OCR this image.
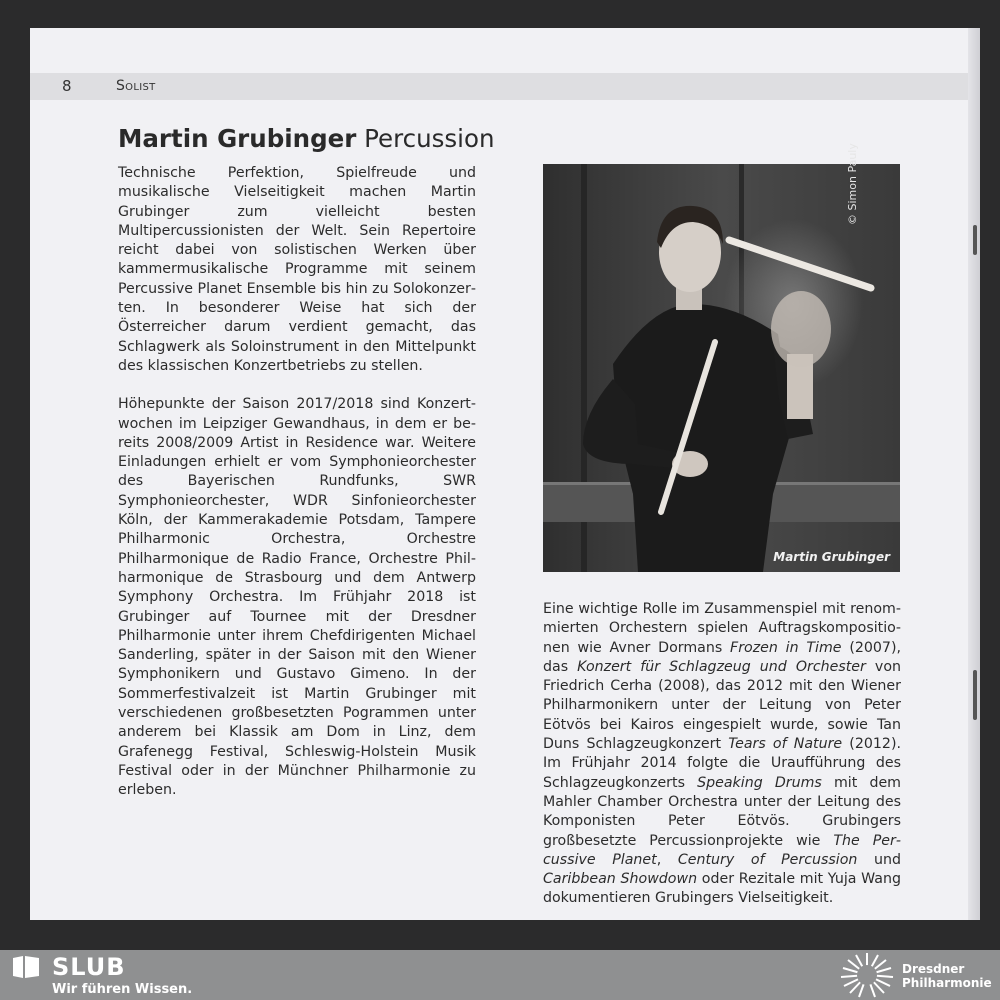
8	Solist
Martin Grubinger Percussion

Technische Perfektion, Spielfreude und musikalische Vielseitigkeit machen Martin Grubinger zum vielleicht besten Multipercussionisten der Welt. Sein Repertoire reicht dabei von solistischen Werken über kammermusikalische Programme mit seinem Percussive Planet Ensemble bis hin zu Solokonzerten. In besonderer Weise hat sich der Österreicher darum verdient gemacht, das Schlagwerk als Soloinstrument in den Mittelpunkt des klassischen Konzertbetriebs zu stellen.

Höhepunkte der Saison 2017/2018 sind Konzertwochen im Leipziger Gewandhaus, in dem er bereits 2008/2009 Artist in Residence war. Weitere Einladungen erhielt er vom Symphonieorchester des Bayerischen Rundfunks, SWR Symphonieorchester, WDR Sinfonieorchester Köln, der Kammerakademie Potsdam, Tampere Philharmonic Orchestra, Orchestre Philharmonique de Radio France, Orchestre Philharmonique de Strasbourg und dem Antwerp Symphony Orchestra. Im Frühjahr 2018 ist Grubinger auf Tournee mit der Dresdner Philharmonie unter ihrem Chefdirigenten Michael Sanderling, später in der Saison mit den Wiener Symphonikern und Gustavo Gimeno. In der Sommerfestivalzeit ist Martin Grubinger mit verschiedenen großbesetzten Pogrammen unter anderem bei Klassik am Dom in Linz, dem Grafenegg Festival, Schleswig-Holstein Musik Festival oder in der Münchner Philharmonie zu erleben.

Martin Grubinger

Eine wichtige Rolle im Zusammenspiel mit renommierten Orchestern spielen Auftragskompositionen wie Avner Dormans Frozen in Time (2007), das Konzert für Schlagzeug und Orchester von Friedrich Cerha (2008), das 2012 mit den Wiener Philharmonikern unter der Leitung von Peter Eötvös bei Kairos eingespielt wurde, sowie Tan Duns Schlagzeugkonzert Tears of Nature (2012). Im Frühjahr 2014 folgte die Uraufführung des Schlagzeugkonzerts Speaking Drums mit dem Mahler Chamber Orchestra unter der Leitung des Komponisten Peter Eötvös. Grubingers großbesetzte Percussionprojekte wie The Percussive Planet, Century of Percussion und Caribbean Showdown oder Rezitale mit Yuja Wang dokumentieren Grubingers Vielseitigkeit.

© Simon Pauly
SLUB
Wir führen Wissen.
Dresdner
Philharmonie
